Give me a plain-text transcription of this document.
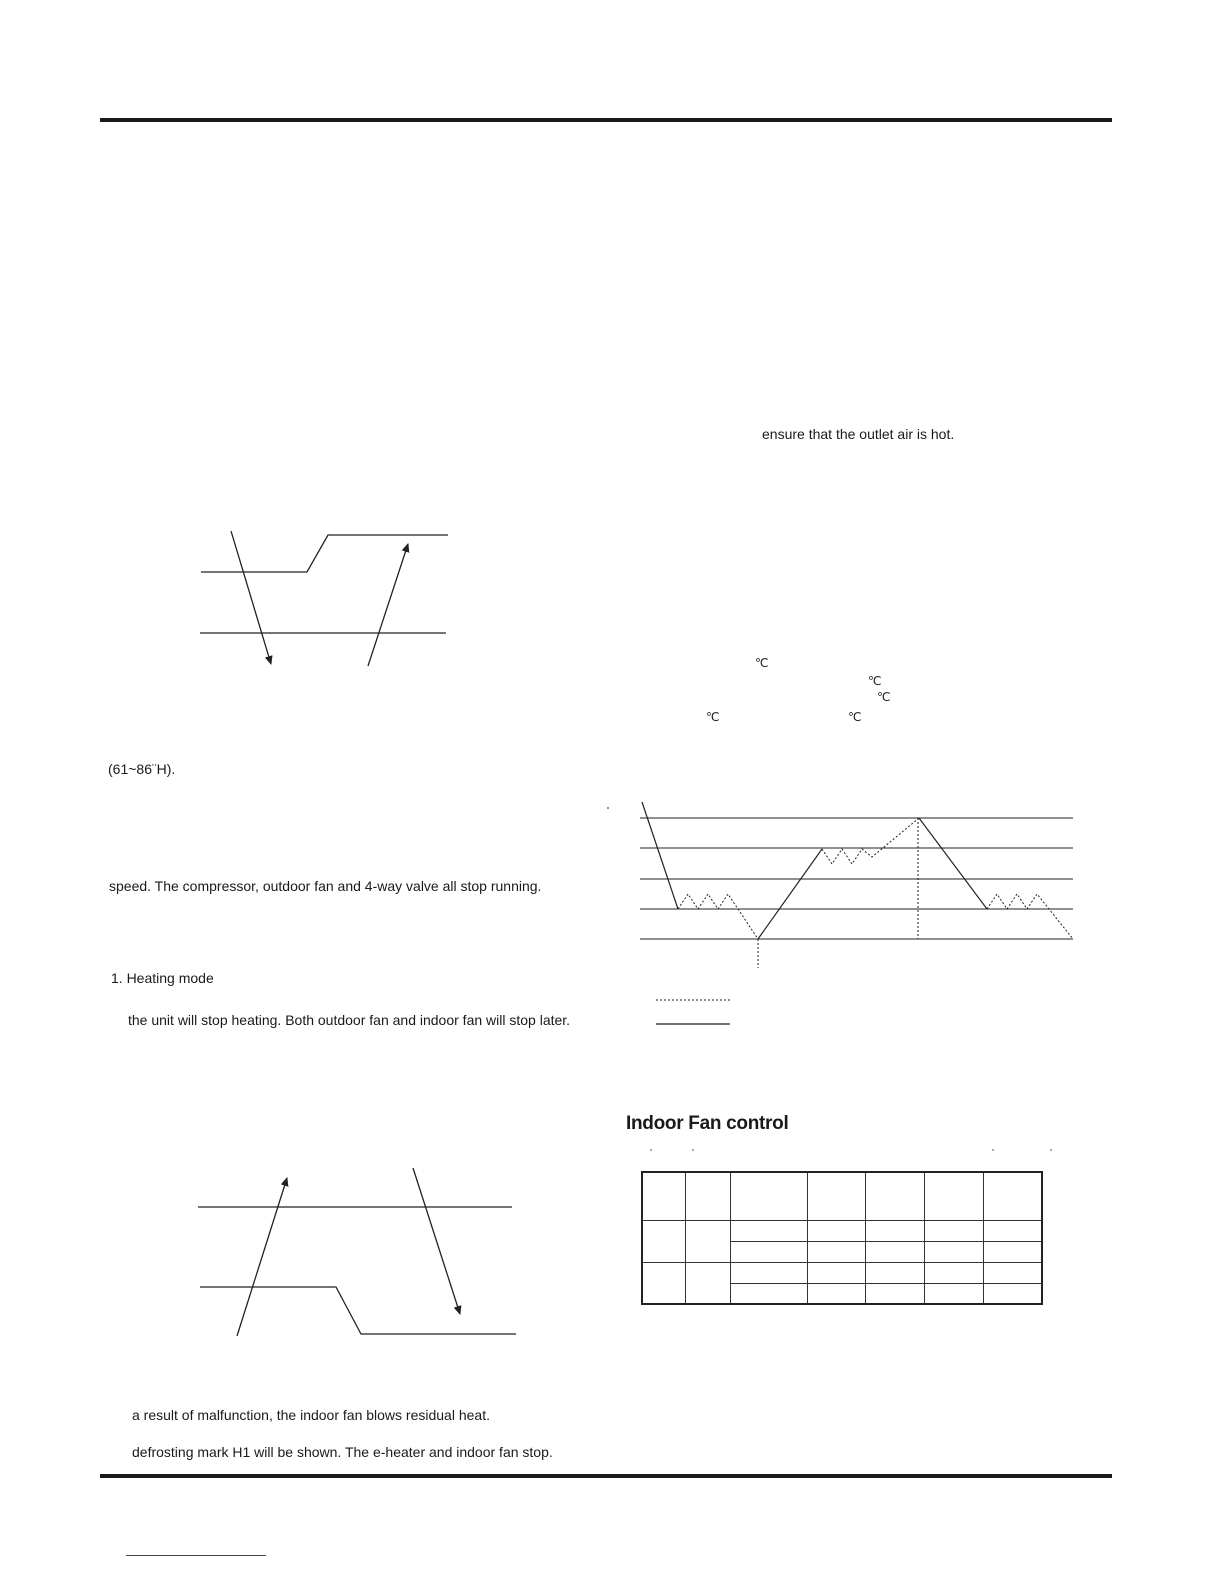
(61~86¨H).
speed. The compressor, outdoor fan and 4-way valve all stop running.
1. Heating mode
the unit will stop heating. Both outdoor fan and indoor fan will stop later.
a result of malfunction, the indoor fan blows residual heat.
defrosting mark H1 will be shown. The e-heater and indoor fan stop.
ensure that the outlet air is hot.
℃
℃
℃
℃	℃
Indoor Fan control
